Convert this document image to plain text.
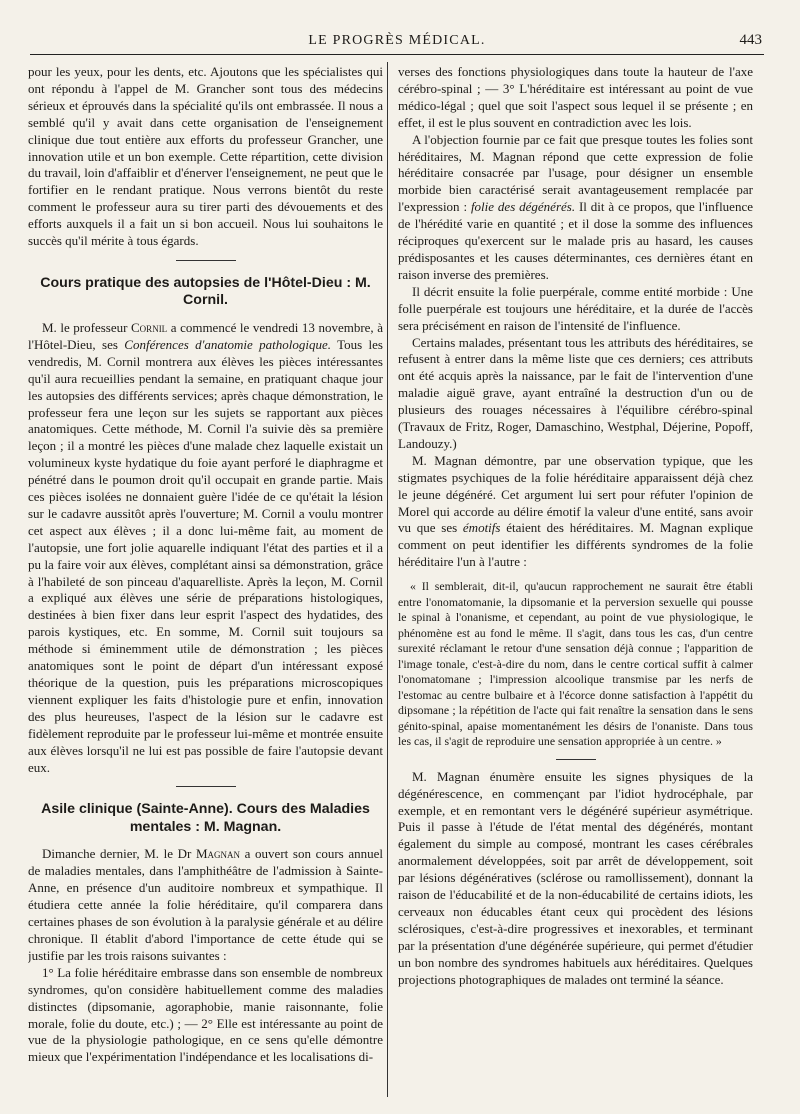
LE PROGRÈS MÉDICAL.	443

pour les yeux, pour les dents, etc. Ajoutons que les spécialistes qui ont répondu à l'appel de M. Grancher sont tous des médecins sérieux et éprouvés dans la spécialité qu'ils ont embrassée. Il nous a semblé qu'il y avait dans cette organisation de l'enseignement clinique due tout entière aux efforts du professeur Grancher, une innovation utile et un bon exemple. Cette répartition, cette division du travail, loin d'affaiblir et d'énerver l'enseignement, ne peut que le fortifier en le rendant pratique. Nous verrons bientôt du reste comment le professeur aura su tirer parti des dévouements et des efforts auxquels il a fait un si bon accueil. Nous lui souhaitons le succès qu'il mérite à tous égards.

Cours pratique des autopsies de l'Hôtel-Dieu : M. Cornil.

M. le professeur Cornil a commencé le vendredi 13 novembre, à l'Hôtel-Dieu, ses Conférences d'anatomie pathologique. Tous les vendredis, M. Cornil montrera aux élèves les pièces intéressantes qu'il aura recueillies pendant la semaine, en pratiquant chaque jour les autopsies des différents services; après chaque démonstration, le professeur fera une leçon sur les sujets se rapportant aux pièces anatomiques. Cette méthode, M. Cornil l'a suivie dès sa première leçon ; il a montré les pièces d'une malade chez laquelle existait un volumineux kyste hydatique du foie ayant perforé le diaphragme et pénétré dans le poumon droit qu'il occupait en grande partie. Mais ces pièces isolées ne donnaient guère l'idée de ce qu'était la lésion sur le cadavre aussitôt après l'ouverture; M. Cornil a voulu montrer cet aspect aux élèves ; il a donc lui-même fait, au moment de l'autopsie, une fort jolie aquarelle indiquant l'état des parties et il a pu la faire voir aux élèves, complétant ainsi sa démonstration, grâce à l'habileté de son pinceau d'aquarelliste. Après la leçon, M. Cornil a expliqué aux élèves une série de préparations histologiques, destinées à bien fixer dans leur esprit l'aspect des hydatides, des parois kystiques, etc. En somme, M. Cornil suit toujours sa méthode si éminemment utile de démonstration ; les pièces anatomiques sont le point de départ d'un intéressant exposé théorique de la question, puis les préparations microscopiques viennent expliquer les faits d'histologie pure et enfin, innovation des plus heureuses, l'aspect de la lésion sur le cadavre est fidèlement reproduite par le professeur lui-même et montrée ensuite aux élèves lorsqu'il ne lui est pas possible de faire l'autopsie devant eux.

Asile clinique (Sainte-Anne). Cours des Maladies mentales : M. Magnan.

Dimanche dernier, M. le Dr Magnan a ouvert son cours annuel de maladies mentales, dans l'amphithéâtre de l'admission à Sainte-Anne, en présence d'un auditoire nombreux et sympathique. Il étudiera cette année la folie héréditaire, qu'il comparera dans certaines phases de son évolution à la paralysie générale et au délire chronique. Il établit d'abord l'importance de cette étude qui se justifie par les trois raisons suivantes :

1° La folie héréditaire embrasse dans son ensemble de nombreux syndromes, qu'on considère habituellement comme des maladies distinctes (dipsomanie, agoraphobie, manie raisonnante, folie morale, folie du doute, etc.) ; — 2° Elle est intéressante au point de vue de la physiologie pathologique, en ce sens qu'elle démontre mieux que l'expérimentation l'indépendance et les localisations di-

verses des fonctions physiologiques dans toute la hauteur de l'axe cérébro-spinal ; — 3° L'héréditaire est intéressant au point de vue médico-légal ; quel que soit l'aspect sous lequel il se présente ; en effet, il est le plus souvent en contradiction avec les lois.

A l'objection fournie par ce fait que presque toutes les folies sont héréditaires, M. Magnan répond que cette expression de folie héréditaire consacrée par l'usage, pour désigner un ensemble morbide bien caractérisé serait avantageusement remplacée par l'expression : folie des dégénérés. Il dit à ce propos, que l'influence de l'hérédité varie en quantité ; et il dose la somme des influences réciproques qu'exercent sur le malade pris au hasard, les causes prédisposantes et les causes déterminantes, ces dernières étant en raison inverse des premières.

Il décrit ensuite la folie puerpérale, comme entité morbide : Une folle puerpérale est toujours une héréditaire, et la durée de l'accès sera précisément en raison de l'intensité de l'influence.

Certains malades, présentant tous les attributs des héréditaires, se refusent à entrer dans la même liste que ces derniers; ces attributs ont été acquis après la naissance, par le fait de l'intervention d'une maladie aiguë grave, ayant entraîné la destruction d'un ou de plusieurs des rouages nécessaires à l'équilibre cérébro-spinal (Travaux de Fritz, Roger, Damaschino, Westphal, Déjerine, Popoff, Landouzy.)

M. Magnan démontre, par une observation typique, que les stigmates psychiques de la folie héréditaire apparaissent déjà chez le jeune dégénéré. Cet argument lui sert pour réfuter l'opinion de Morel qui accorde au délire émotif la valeur d'une entité, sans avoir vu que ses émotifs étaient des héréditaires. M. Magnan explique comment on peut identifier les différents syndromes de la folie héréditaire l'un à l'autre :

« Il semblerait, dit-il, qu'aucun rapprochement ne saurait être établi entre l'onomatomanie, la dipsomanie et la perversion sexuelle qui pousse le spinal à l'onanisme, et cependant, au point de vue physiologique, le phénomène est au fond le même. Il s'agit, dans tous les cas, d'un centre surexité réclamant le retour d'une sensation déjà connue ; l'apparition de l'image tonale, c'est-à-dire du nom, dans le centre cortical suffit à calmer l'onomatomane ; l'impression alcoolique transmise par les nerfs de l'estomac au centre bulbaire et à l'écorce donne satisfaction à l'appétit du dipsomane ; la répétition de l'acte qui fait renaître la sensation dans le sens génito-spinal, apaise momentanément les désirs de l'onaniste. Dans tous les cas, il s'agit de reproduire une sensation appropriée à un centre. »

M. Magnan énumère ensuite les signes physiques de la dégénérescence, en commençant par l'idiot hydrocéphale, par exemple, et en remontant vers le dégénéré supérieur asymétrique. Puis il passe à l'étude de l'état mental des dégénérés, montant également du simple au composé, montrant les cases cérébrales anormalement développées, soit par arrêt de développement, soit par lésions dégénératives (sclérose ou ramollissement), donnant la raison de l'éducabilité et de la non-éducabilité de certains idiots, les cerveaux non éducables étant ceux qui procèdent des lésions sclérosiques, c'est-à-dire progressives et inexorables, et terminant par la présentation d'une dégénérée supérieure, qui permet d'étudier un bon nombre des syndromes habituels aux héréditaires. Quelques projections photographiques de malades ont terminé la séance.
